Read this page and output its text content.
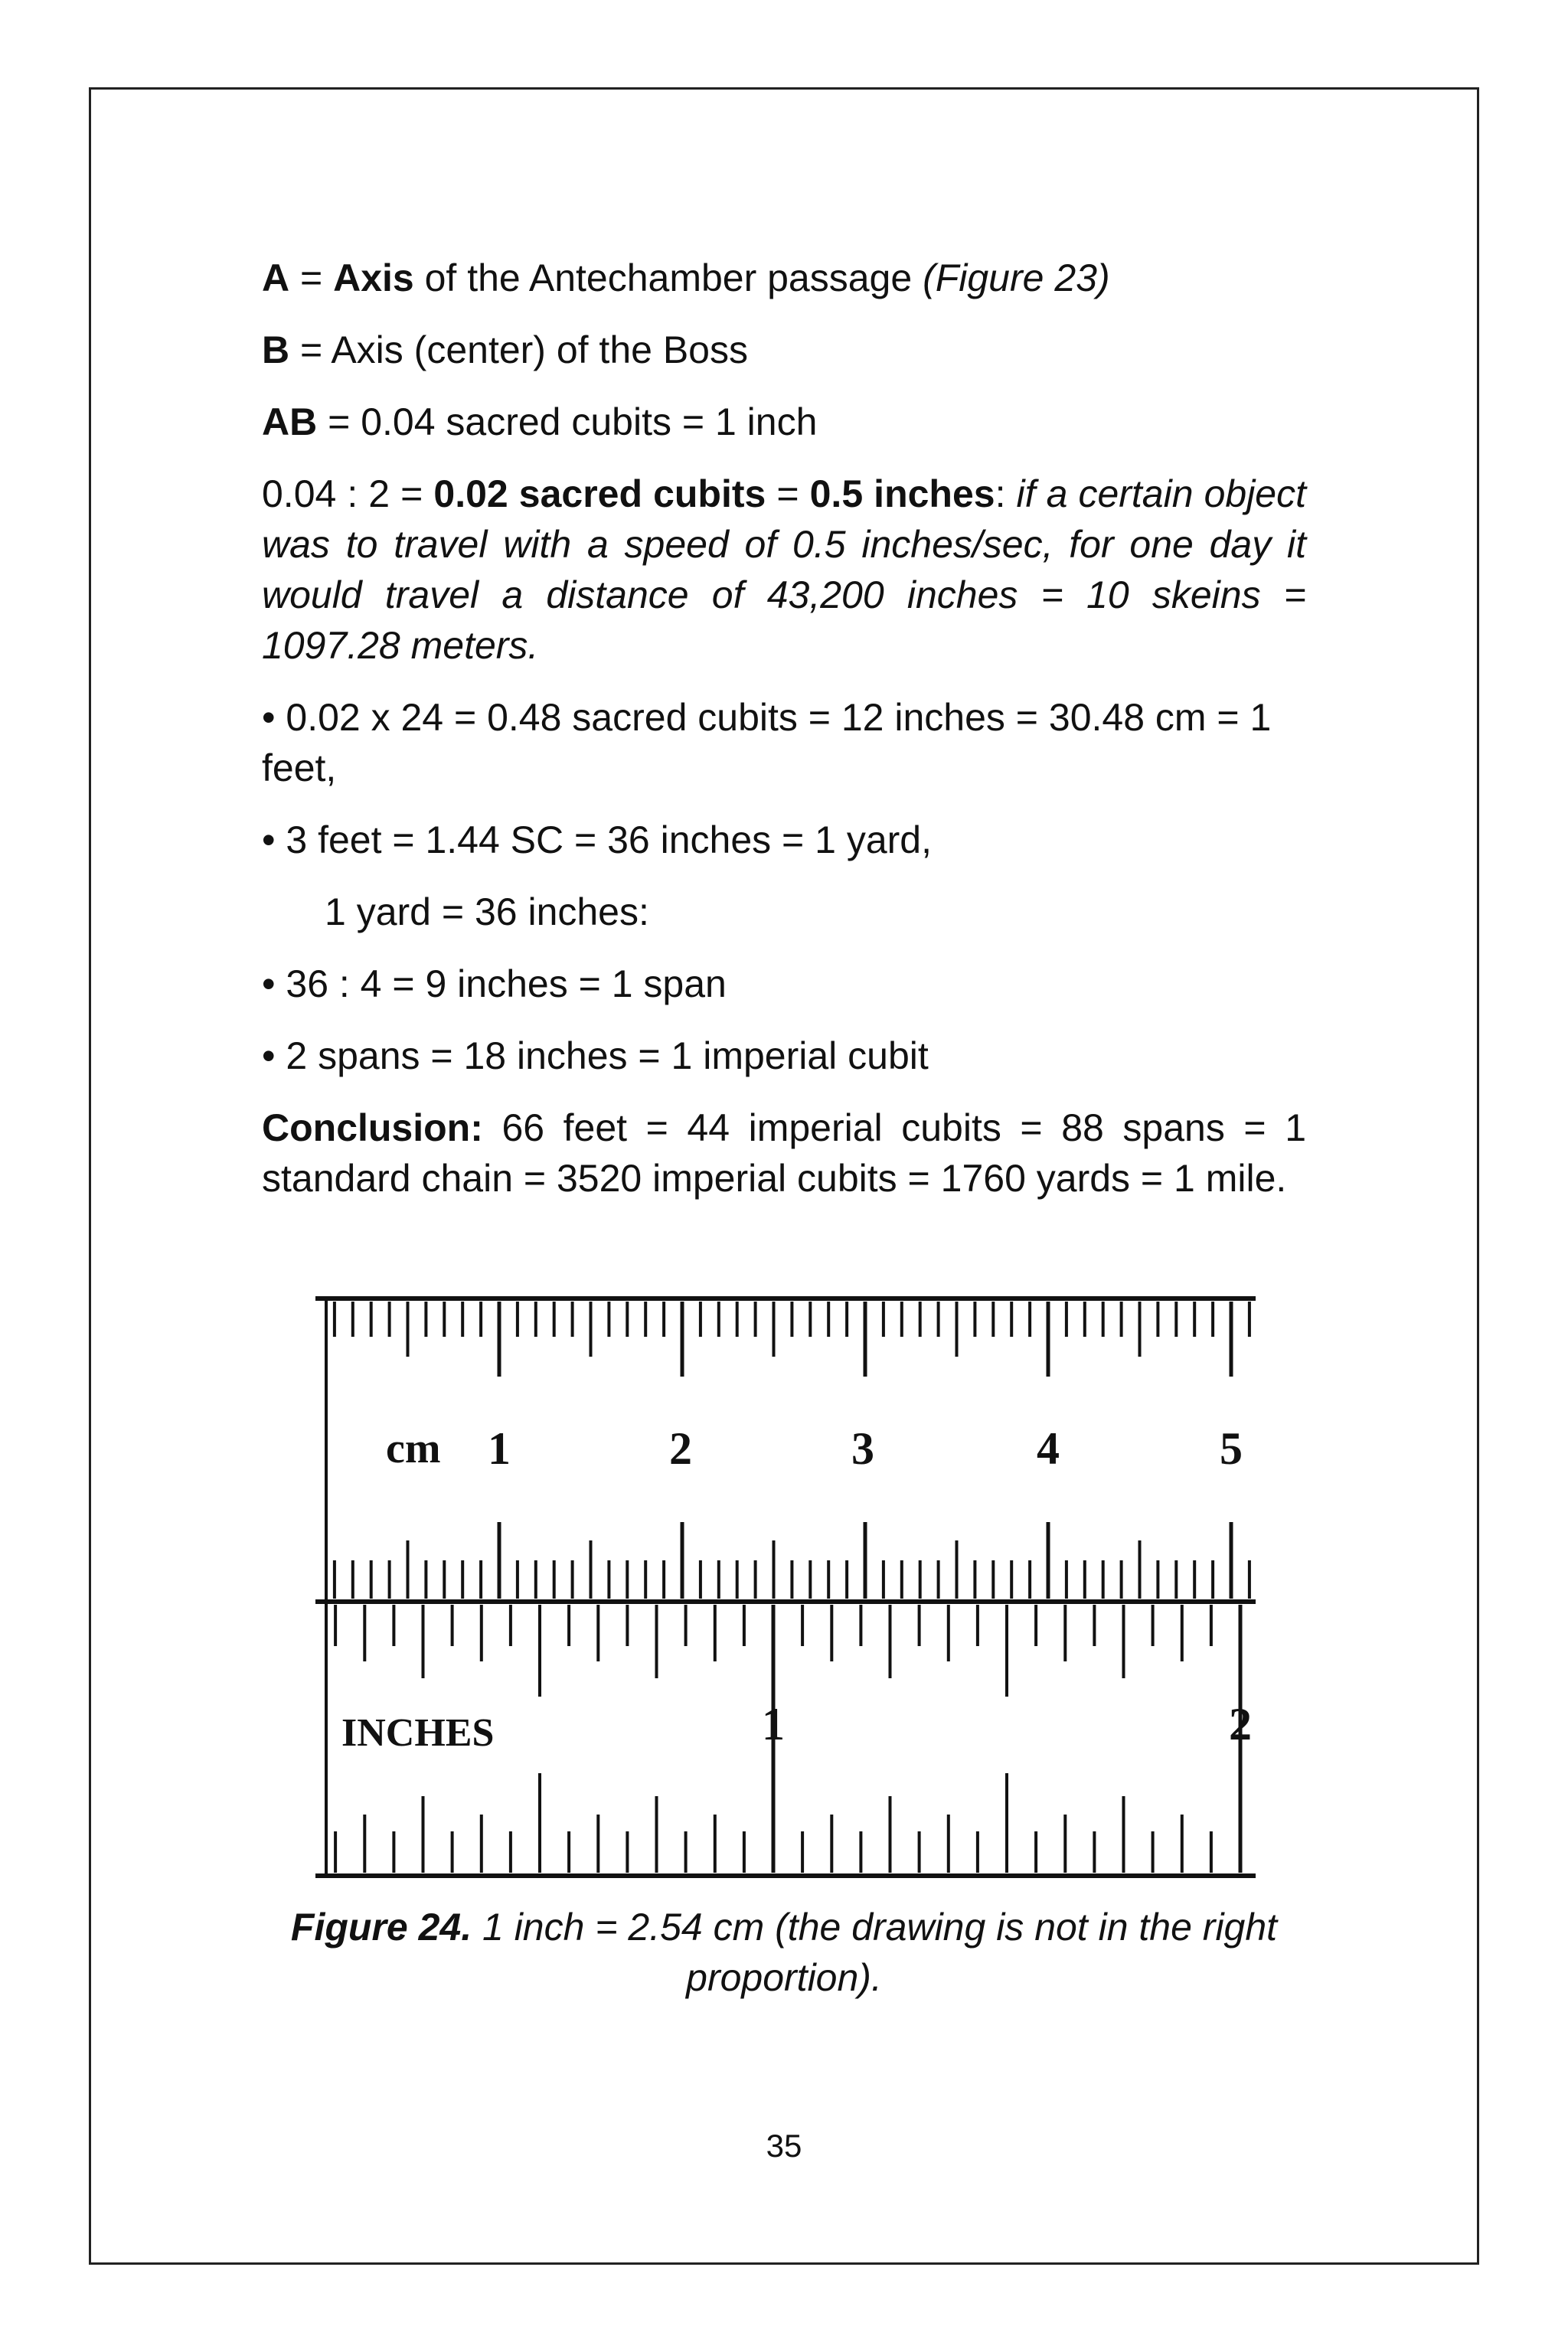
A = Axis of the Antechamber passage (Figure 23)

B = Axis (center) of the Boss

AB = 0.04 sacred cubits = 1 inch

0.04 : 2 = 0.02 sacred cubits = 0.5 inches: if a certain object was to travel with a speed of 0.5 inches/sec, for one day it would travel a distance of 43,200 inches = 10 skeins = 1097.28 meters.

• 0.02 x 24 = 0.48 sacred cubits = 12 inches = 30.48 cm = 1 feet,

• 3 feet = 1.44 SC = 36 inches = 1 yard,

1 yard = 36 inches:

• 36 : 4 = 9 inches = 1 span

• 2 spans = 18 inches = 1 imperial cubit

Conclusion: 66 feet = 44 imperial cubits = 88 spans = 1 standard chain = 3520 imperial cubits = 1760 yards = 1 mile.

cm 1	2	3	4	5
INCHES	1	2
Figure 24. 1 inch = 2.54 cm (the drawing is not in the right proportion).
35
